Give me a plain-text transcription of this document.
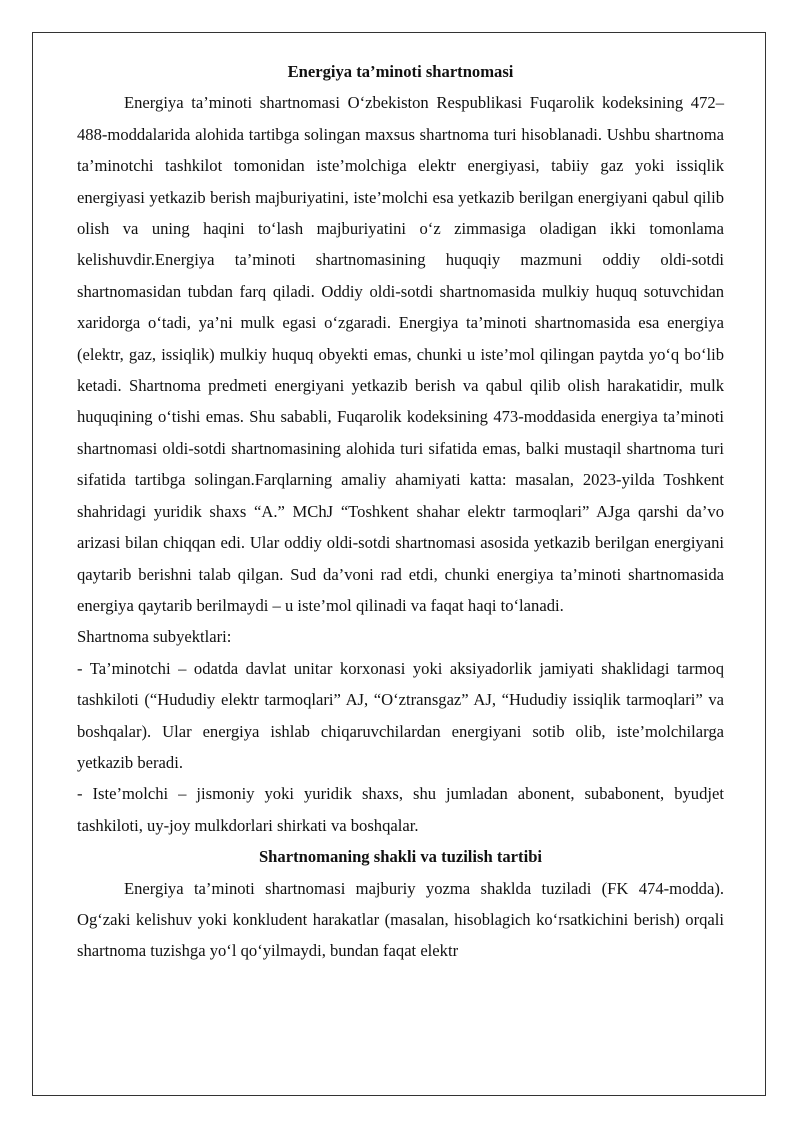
Energiya ta’minoti shartnomasi

Energiya ta’minoti shartnomasi O‘zbekiston Respublikasi Fuqarolik kodeksining 472–488-moddalarida alohida tartibga solingan maxsus shartnoma turi hisoblanadi. Ushbu shartnoma ta’minotchi tashkilot tomonidan iste’molchiga elektr energiyasi, tabiiy gaz yoki issiqlik energiyasi yetkazib berish majburiyatini, iste’molchi esa yetkazib berilgan energiyani qabul qilib olish va uning haqini to‘lash majburiyatini o‘z zimmasiga oladigan ikki tomonlama kelishuvdir.Energiya ta’minoti shartnomasining huquqiy mazmuni oddiy oldi-sotdi shartnomasidan tubdan farq qiladi. Oddiy oldi-sotdi shartnomasida mulkiy huquq sotuvchidan xaridorga o‘tadi, ya’ni mulk egasi o‘zgaradi. Energiya ta’minoti shartnomasida esa energiya (elektr, gaz, issiqlik) mulkiy huquq obyekti emas, chunki u iste’mol qilingan paytda yo‘q bo‘lib ketadi. Shartnoma predmeti energiyani yetkazib berish va qabul qilib olish harakatidir, mulk huquqining o‘tishi emas. Shu sababli, Fuqarolik kodeksining 473-moddasida energiya ta’minoti shartnomasi oldi-sotdi shartnomasining alohida turi sifatida emas, balki mustaqil shartnoma turi sifatida tartibga solingan.Farqlarning amaliy ahamiyati katta: masalan, 2023-yilda Toshkent shahridagi yuridik shaxs “A.” MChJ “Toshkent shahar elektr tarmoqlari” AJga qarshi da’vo arizasi bilan chiqqan edi. Ular oddiy oldi-sotdi shartnomasi asosida yetkazib berilgan energiyani qaytarib berishni talab qilgan. Sud da’voni rad etdi, chunki energiya ta’minoti shartnomasida energiya qaytarib berilmaydi – u iste’mol qilinadi va faqat haqi to‘lanadi.

Shartnoma subyektlari:

- Ta’minotchi – odatda davlat unitar korxonasi yoki aksiyadorlik jamiyati shaklidagi tarmoq tashkiloti (“Hududiy elektr tarmoqlari” AJ, “O‘ztransgaz” AJ, “Hududiy issiqlik tarmoqlari” va boshqalar). Ular energiya ishlab chiqaruvchilardan energiyani sotib olib, iste’molchilarga yetkazib beradi.

- Iste’molchi – jismoniy yoki yuridik shaxs, shu jumladan abonent, subabonent, byudjet tashkiloti, uy-joy mulkdorlari shirkati va boshqalar.

Shartnomaning shakli va tuzilish tartibi

Energiya ta’minoti shartnomasi majburiy yozma shaklda tuziladi (FK 474-modda). Og‘zaki kelishuv yoki konkludent harakatlar (masalan, hisoblagich ko‘rsatkichini berish) orqali shartnoma tuzishga yo‘l qo‘yilmaydi, bundan faqat elektr
